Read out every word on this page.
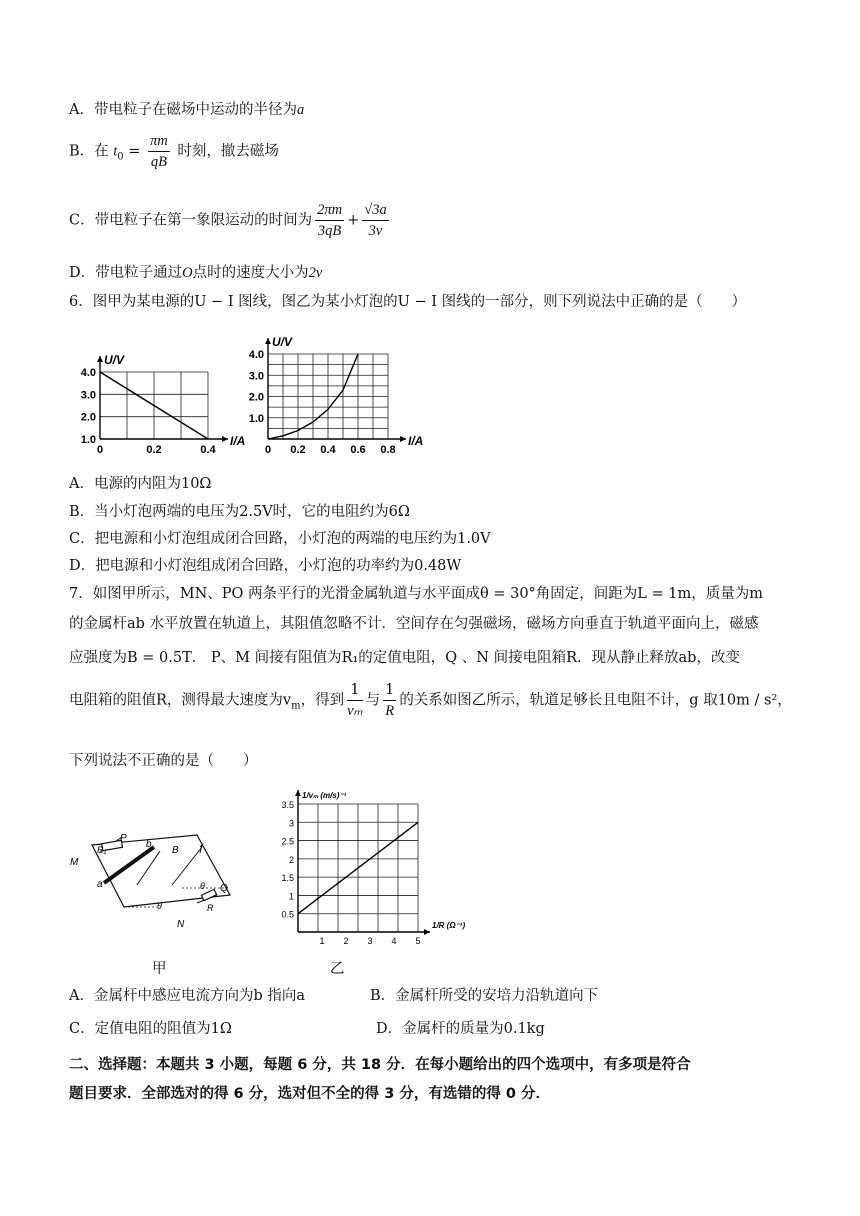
A．带电粒子在磁场中运动的半径为a
B．在 $t_0 = \frac{\pi m}{qB}$ 时刻，撤去磁场
C．带电粒子在第一象限运动的时间为 $\frac{2\pi m}{3qB} + \frac{√3a}{3v}$
D．带电粒子通过O点时的速度大小为2v
6．图甲为某电源的U − I 图线，图乙为某小灯泡的U − I 图线的一部分，则下列说法中正确的是（　　）
0	0.2	0.4
1.0
2.0
3.0
4.0
I/A
U/V
0 0.2 0.4 0.6 0.8
1.0
2.0
3.0
4.0
I/A
U/V
A．电源的内阻为10Ω
B．当小灯泡两端的电压为2.5V时，它的电阻约为6Ω
C．把电源和小灯泡组成闭合回路，小灯泡的两端的电压约为1.0V
D．把电源和小灯泡组成闭合回路，小灯泡的功率约为0.48W
7．如图甲所示，MN、PO 两条平行的光滑金属轨道与水平面成θ = 30°角固定，间距为L = 1m，质量为m
的金属杆ab 水平放置在轨道上，其阻值忽略不计．空间存在匀强磁场，磁场方向垂直于轨道平面向上，磁感
应强度为B = 0.5T． P、M 间接有阻值为R₁的定值电阻，Q 、N 间接电阻箱R．现从静止释放ab，改变
电阻箱的阻值R，测得最大速度为$v_m$，得到 $\frac{1}{\text{vₘ}}$ 与 $\frac{1}{R}$ 的关系如图乙所示，轨道足够长且电阻不计，g 取10m / s²，
下列说法不正确的是（　　）
M
P
R₁	b
B
a	Q
θ
R
θ
N
1 2 3 4 5
0.5
1
1.5
2
2.5
3
3.5
1/R (Ω⁻¹)
1/vₘ (m/s)⁻¹
甲	乙
A．金属杆中感应电流方向为b 指向a	B．金属杆所受的安培力沿轨道向下
C．定值电阻的阻值为1Ω	D．金属杆的质量为0.1kg
二、选择题：本题共 3 小题，每题 6 分，共 18 分．在每小题给出的四个选项中，有多项是符合
题目要求．全部选对的得 6 分，选对但不全的得 3 分，有选错的得 0 分．
